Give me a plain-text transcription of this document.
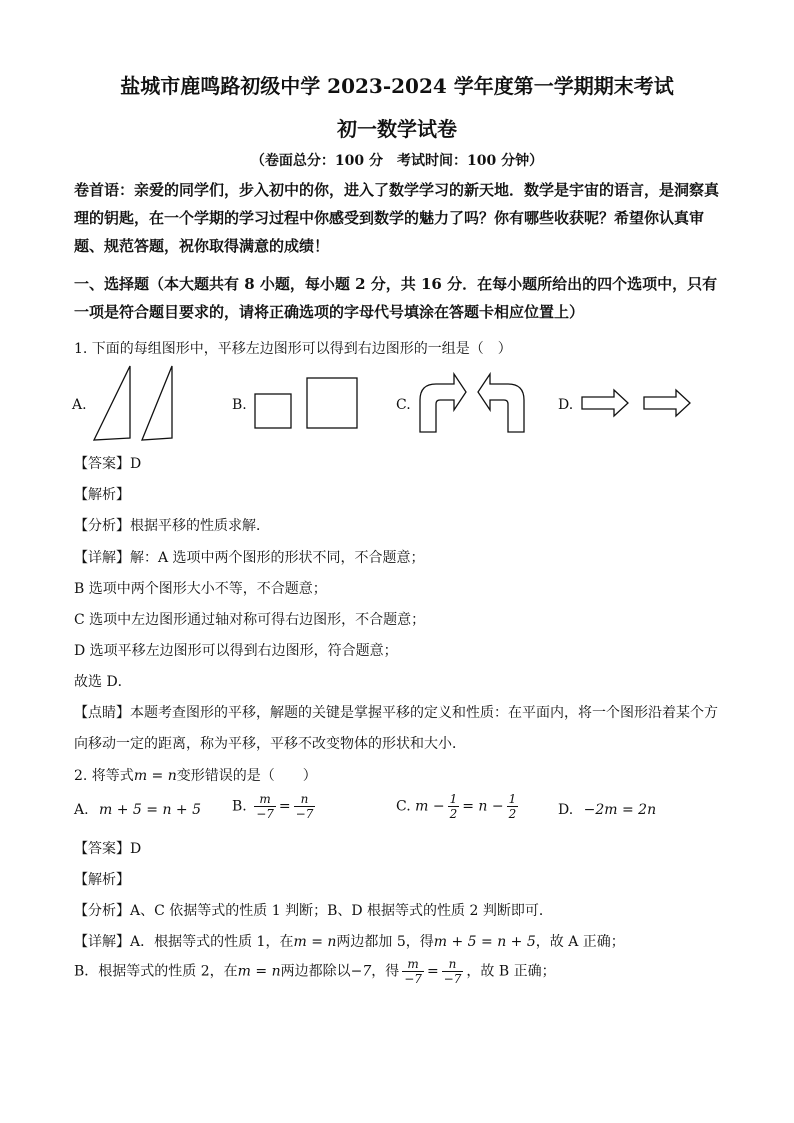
盐城市鹿鸣路初级中学 2023-2024 学年度第一学期期末考试
初一数学试卷
（卷面总分：100 分　考试时间：100 分钟）
卷首语：亲爱的同学们，步入初中的你，进入了数学学习的新天地．数学是宇宙的语言，是洞察真理的钥匙，在一个学期的学习过程中你感受到数学的魅力了吗？你有哪些收获呢？希望你认真审题、规范答题，祝你取得满意的成绩！
一、选择题（本大题共有 8 小题，每小题 2 分，共 16 分．在每小题所给出的四个选项中，只有一项是符合题目要求的，请将正确选项的字母代号填涂在答题卡相应位置上）
1. 下面的每组图形中，平移左边图形可以得到右边图形的一组是（　）
A.	B.	C.	D.
【答案】D
【解析】
【分析】根据平移的性质求解．
【详解】解：A 选项中两个图形的形状不同，不合题意；
B 选项中两个图形大小不等，不合题意；
C 选项中左边图形通过轴对称可得右边图形，不合题意；
D 选项平移左边图形可以得到右边图形，符合题意；
故选 D．
【点睛】本题考查图形的平移，解题的关键是掌握平移的定义和性质：在平面内，将一个图形沿着某个方向移动一定的距离，称为平移，平移不改变物体的形状和大小．
2. 将等式m = n变形错误的是（　　）
A. m + 5 = n + 5 B. $\frac{m}{-7} = \frac{n}{-7}$	C. $m - \frac{1}{2} = n - \frac{1}{2}$	D. −2m = 2n
【答案】D
【解析】
【分析】A、C 依据等式的性质 1 判断；B、D 根据等式的性质 2 判断即可．
【详解】A．根据等式的性质 1，在m = n两边都加 5，得m + 5 = n + 5，故 A 正确；
B．根据等式的性质 2，在m = n两边都除以−7，得 $\frac{m}{-7} = \frac{n}{-7}$ ，故 B 正确；
